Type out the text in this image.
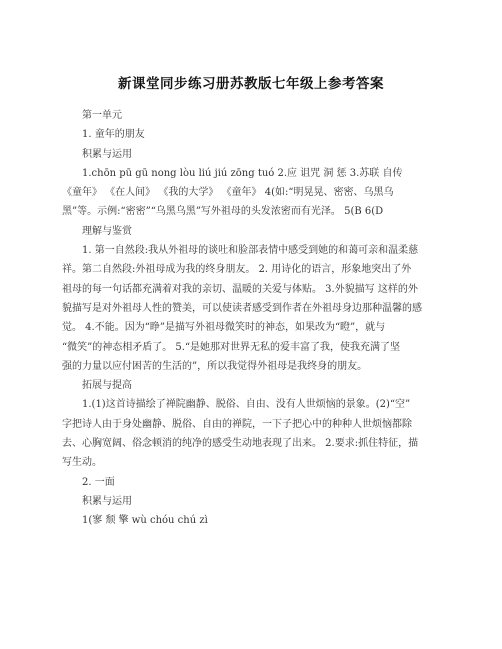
新课堂同步练习册苏教版七年级上参考答案
第一单元
1. 童年的朋友
积累与运用
1.chōn pū gū nong lòu liú jiú zōng tuó 2.应 诅咒 洞 惩 3.苏联 自传
《童年》 《在人间》 《我的大学》 《童年》 4(如:“明晃晃、密密、乌黑乌
黑”等。示例:“密密”“乌黑乌黑”写外祖母的头发浓密而有光泽。 5(B 6(D
理解与鉴赏
1. 第一自然段:我从外祖母的谈吐和脸部表情中感受到她的和蔼可亲和温柔慈
祥。第二自然段:外祖母成为我的终身朋友。 2. 用诗化的语言，形象地突出了外
祖母的每一句话都充满着对我的亲切、温暖的关爱与体贴。 3.外貌描写 这样的外
貌描写是对外祖母人性的赞美，可以使读者感受到作者在外祖母身边那种温馨的感
觉。 4.不能。因为“睁”是描写外祖母微笑时的神态，如果改为“瞪”，就与
“微笑”的神态相矛盾了。 5.“是她那对世界无私的爱丰富了我，使我充满了坚
强的力量以应付困苦的生活的”，所以我觉得外祖母是我终身的朋友。
拓展与提高
1.(1)这首诗描绘了禅院幽静、脱俗、自由、没有人世烦恼的景象。(2)“空”
字把诗人由于身处幽静、脱俗、自由的禅院，一下子把心中的种种人世烦恼都除
去、心胸宽阔、俗念顿消的纯净的感受生动地表现了出来。 2.要求:抓住特征，描
写生动。
2. 一面
积累与运用
1(寥 颓 擎 wù chóu chú zì
